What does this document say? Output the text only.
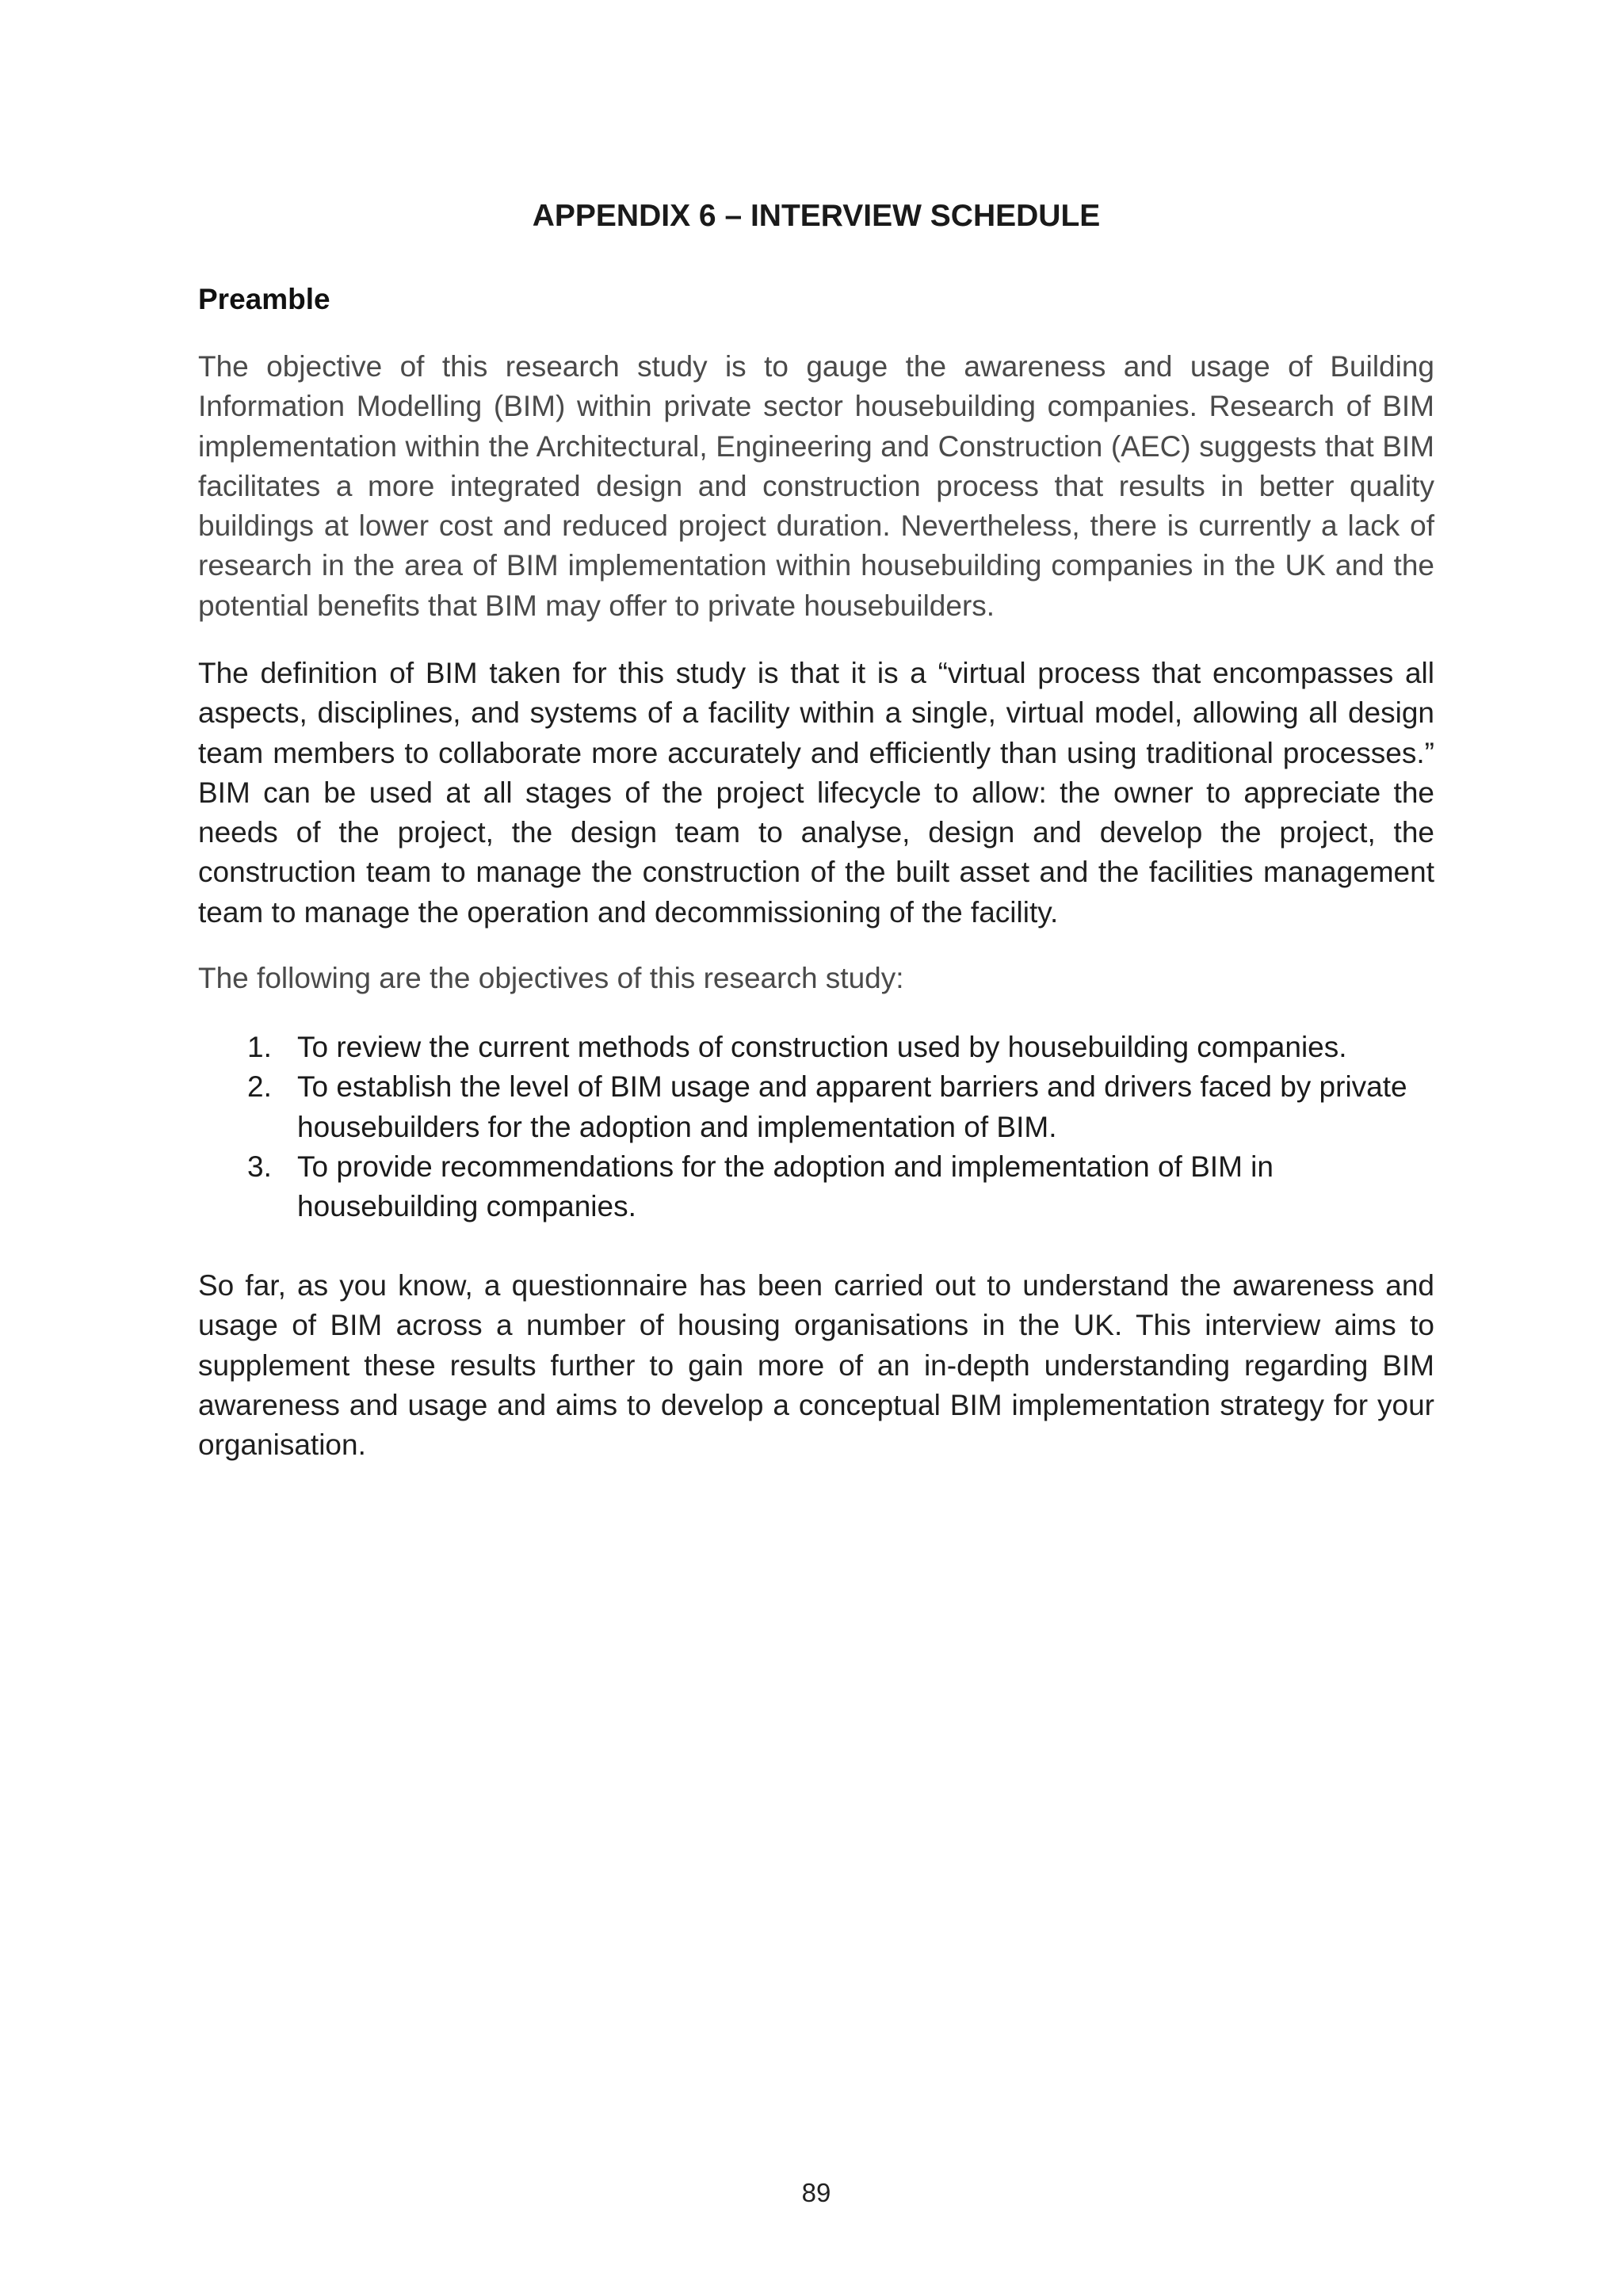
APPENDIX 6 – INTERVIEW SCHEDULE
Preamble

The objective of this research study is to gauge the awareness and usage of Building Information Modelling (BIM) within private sector housebuilding companies. Research of BIM implementation within the Architectural, Engineering and Construction (AEC) suggests that BIM facilitates a more integrated design and construction process that results in better quality buildings at lower cost and reduced project duration. Nevertheless, there is currently a lack of research in the area of BIM implementation within housebuilding companies in the UK and the potential benefits that BIM may offer to private housebuilders.

The definition of BIM taken for this study is that it is a “virtual process that encompasses all aspects, disciplines, and systems of a facility within a single, virtual model, allowing all design team members to collaborate more accurately and efficiently than using traditional processes.” BIM can be used at all stages of the project lifecycle to allow: the owner to appreciate the needs of the project, the design team to analyse, design and develop the project, the construction team to manage the construction of the built asset and the facilities management team to manage the operation and decommissioning of the facility.

The following are the objectives of this research study:

1. To review the current methods of construction used by housebuilding companies.
2. To establish the level of BIM usage and apparent barriers and drivers faced by private housebuilders for the adoption and implementation of BIM.
3. To provide recommendations for the adoption and implementation of BIM in housebuilding companies.

So far, as you know, a questionnaire has been carried out to understand the awareness and usage of BIM across a number of housing organisations in the UK. This interview aims to supplement these results further to gain more of an in-depth understanding regarding BIM awareness and usage and aims to develop a conceptual BIM implementation strategy for your organisation.

89
